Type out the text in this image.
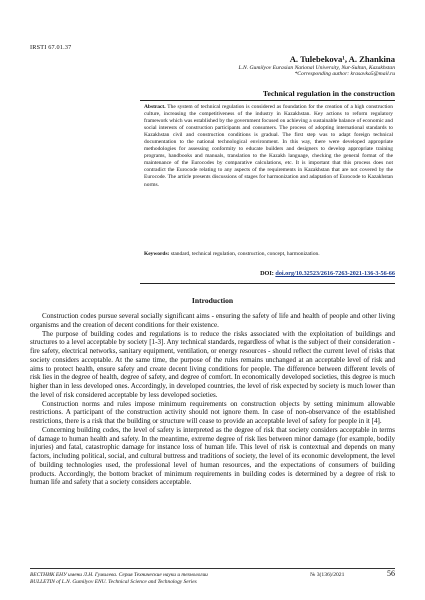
IRSTI 67.01.37
A. Tulebekova¹, A. Zhankina
L.N. Gumilyov Eurasian National University, Nur-Sultan, Kazakhstan
*Corresponding author: krasavka5@mail.ru
Technical regulation in the construction
Abstract. The system of technical regulation is considered as foundation for the creation of a high construction culture, increasing the competitiveness of the industry in Kazakhstan. Key actions to reform regulatory framework which was established by the government focused on achieving a sustainable balance of economic and social interests of construction participants and consumers. The process of adopting international standards to Kazakhstan civil and construction conditions is gradual. The first step was to adapt foreign technical documentation to the national technological environment. In this way, there were developed appropriate methodologies for assessing conformity to educate builders and designers to develop appropriate training programs, handbooks and manuals, translation to the Kazakh language, checking the general format of the maintenance of the Eurocodes by comparative calculations, etc. It is important that this process does not contradict the Eurocode relating to any aspects of the requirements in Kazakhstan that are not covered by the Eurocode. The article presents discussions of stages for harmonization and adaptation of Eurocode to Kazakhstan norms.
Keywords: standard, technical regulation, construction, concept, harmonization.
DOI: doi.org/10.32523/2616-7263-2021-136-3-56-66
Introduction

Construction codes pursue several socially significant aims - ensuring the safety of life and health of people and other living organisms and the creation of decent conditions for their existence.

The purpose of building codes and regulations is to reduce the risks associated with the exploitation of buildings and structures to a level acceptable by society [1-3]. Any technical standards, regardless of what is the subject of their consideration - fire safety, electrical networks, sanitary equipment, ventilation, or energy resources - should reflect the current level of risks that society considers acceptable. At the same time, the purpose of the rules remains unchanged at an acceptable level of risk and aims to protect health, ensure safety and create decent living conditions for people. The difference between different levels of risk lies in the degree of health, degree of safety, and degree of comfort. In economically developed societies, this degree is much higher than in less developed ones. Accordingly, in developed countries, the level of risk expected by society is much lower than the level of risk considered acceptable by less developed societies.

Construction norms and rules impose minimum requirements on construction objects by setting minimum allowable restrictions. A participant of the construction activity should not ignore them. In case of non-observance of the established restrictions, there is a risk that the building or structure will cease to provide an acceptable level of safety for people in it [4].

Concerning building codes, the level of safety is interpreted as the degree of risk that society considers acceptable in terms of damage to human health and safety. In the meantime, extreme degree of risk lies between minor damage (for example, bodily injuries) and fatal, catastrophic damage for instance loss of human life. This level of risk is contextual and depends on many factors, including political, social, and cultural buttress and traditions of society, the level of its economic development, the level of building technologies used, the professional level of human resources, and the expectations of consumers of building products. Accordingly, the bottom bracket of minimum requirements in building codes is determined by a degree of risk to human life and safety that a society considers acceptable.

ВЕСТНИК ЕНУ имени Л.Н. Гумилева. Серия Технические науки и технологии
BULLETIN of L.N. Gumilyov ENU. Technical Science and Technology Series
№ 3(136)/2021	56
